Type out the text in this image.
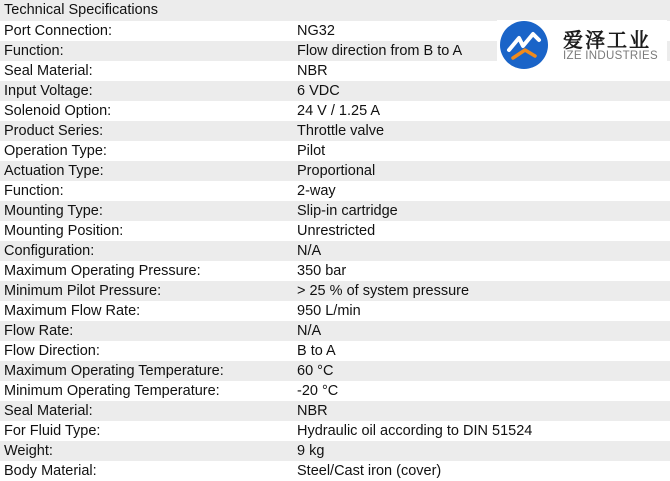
Technical Specifications
Port Connection:	NG32
Function:	Flow direction from B to A
Seal Material:	NBR
Input Voltage:	6 VDC
Solenoid Option:	24 V / 1.25 A
Product Series:	Throttle valve
Operation Type:	Pilot
Actuation Type:	Proportional
Function:	2-way
Mounting Type:	Slip-in cartridge
Mounting Position:	Unrestricted
Configuration:	N/A
Maximum Operating Pressure:	350 bar
Minimum Pilot Pressure:	> 25 % of system pressure
Maximum Flow Rate:	950 L/min
Flow Rate:	N/A
Flow Direction:	B to A
Maximum Operating Temperature:	60 °C
Minimum Operating Temperature:	-20 °C
Seal Material:	NBR
For Fluid Type:	Hydraulic oil according to DIN 51524
Weight:	9 kg
Body Material:	Steel/Cast iron (cover)
爱泽工业
IZE INDUSTRIES
